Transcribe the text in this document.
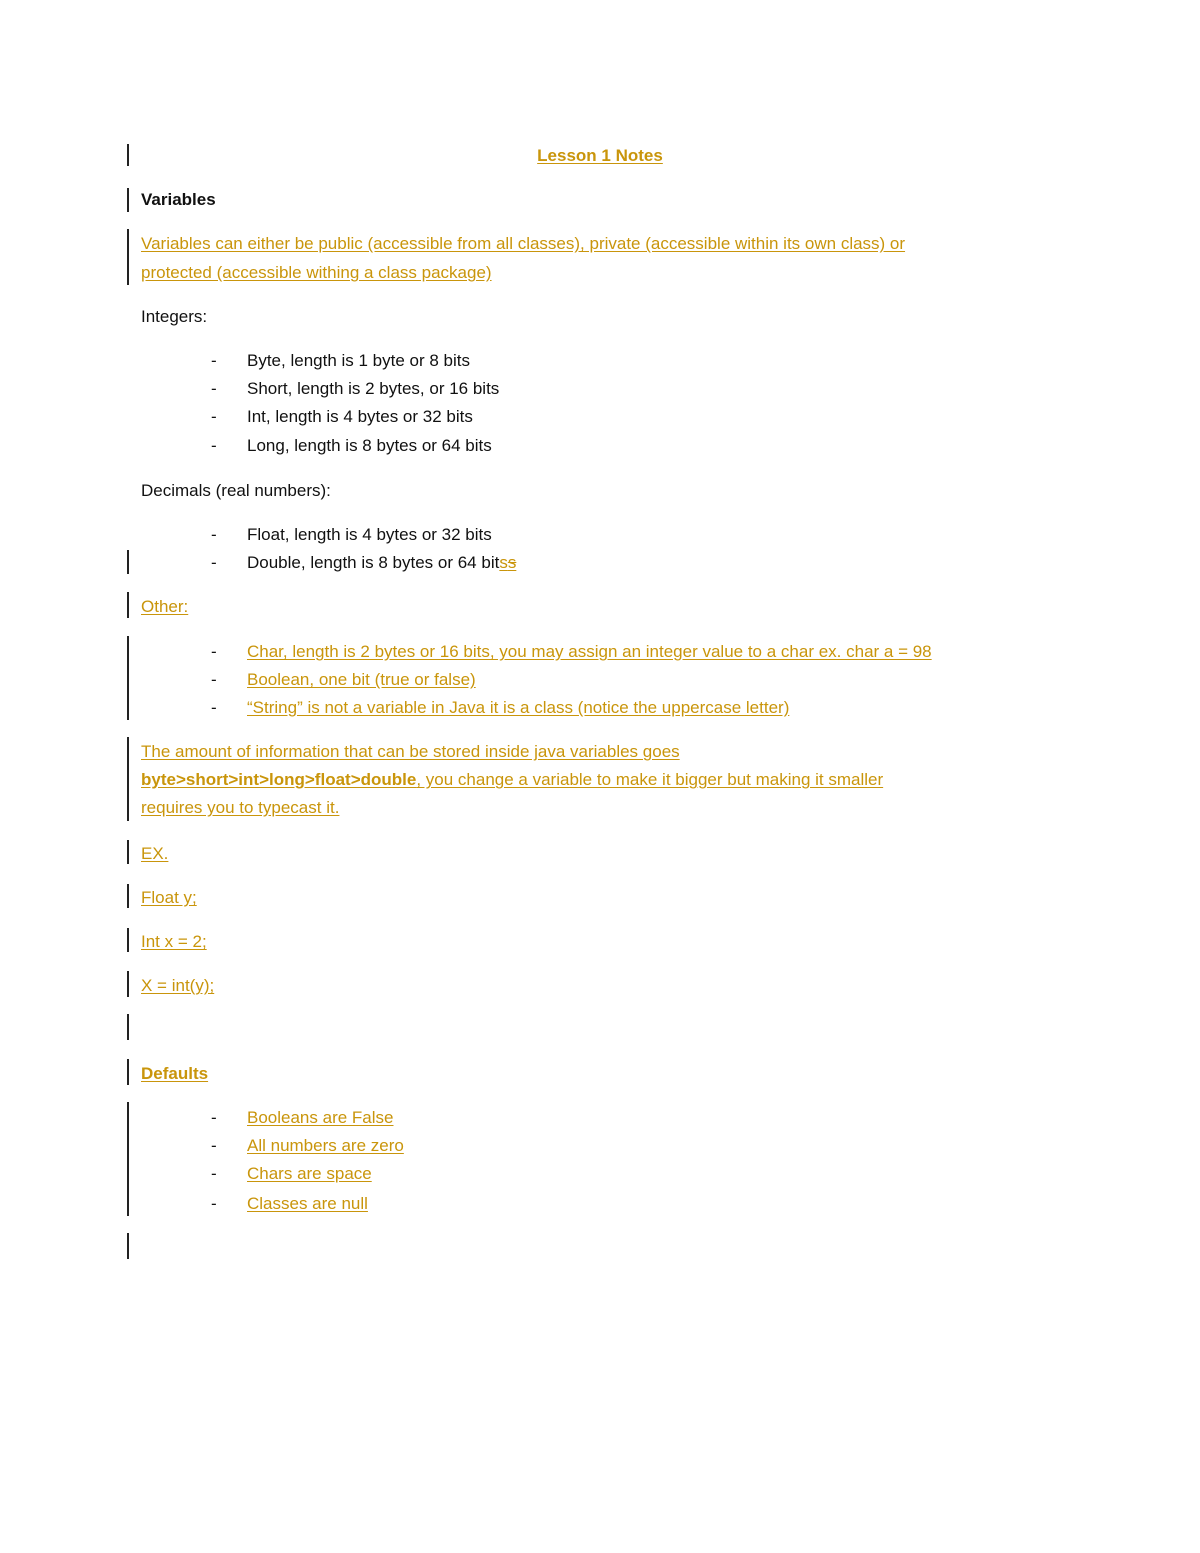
Lesson 1 Notes
Variables
Variables can either be public (accessible from all classes), private (accessible within its own class) or
protected (accessible withing a class package)
Integers:
- Byte, length is 1 byte or 8 bits
- Short, length is 2 bytes, or 16 bits
- Int, length is 4 bytes or 32 bits
- Long, length is 8 bytes or 64 bits
Decimals (real numbers):
- Float, length is 4 bytes or 32 bits
- Double, length is 8 bytes or 64 bitss
Other:
- Char, length is 2 bytes or 16 bits, you may assign an integer value to a char ex. char a = 98
- Boolean, one bit (true or false)
- “String” is not a variable in Java it is a class (notice the uppercase letter)
The amount of information that can be stored inside java variables goes
byte>short>int>long>float>double, you change a variable to make it bigger but making it smaller
requires you to typecast it.
EX.
Float y;
Int x = 2;
X = int(y);
Defaults
- Booleans are False
- All numbers are zero
- Chars are space
- Classes are null
